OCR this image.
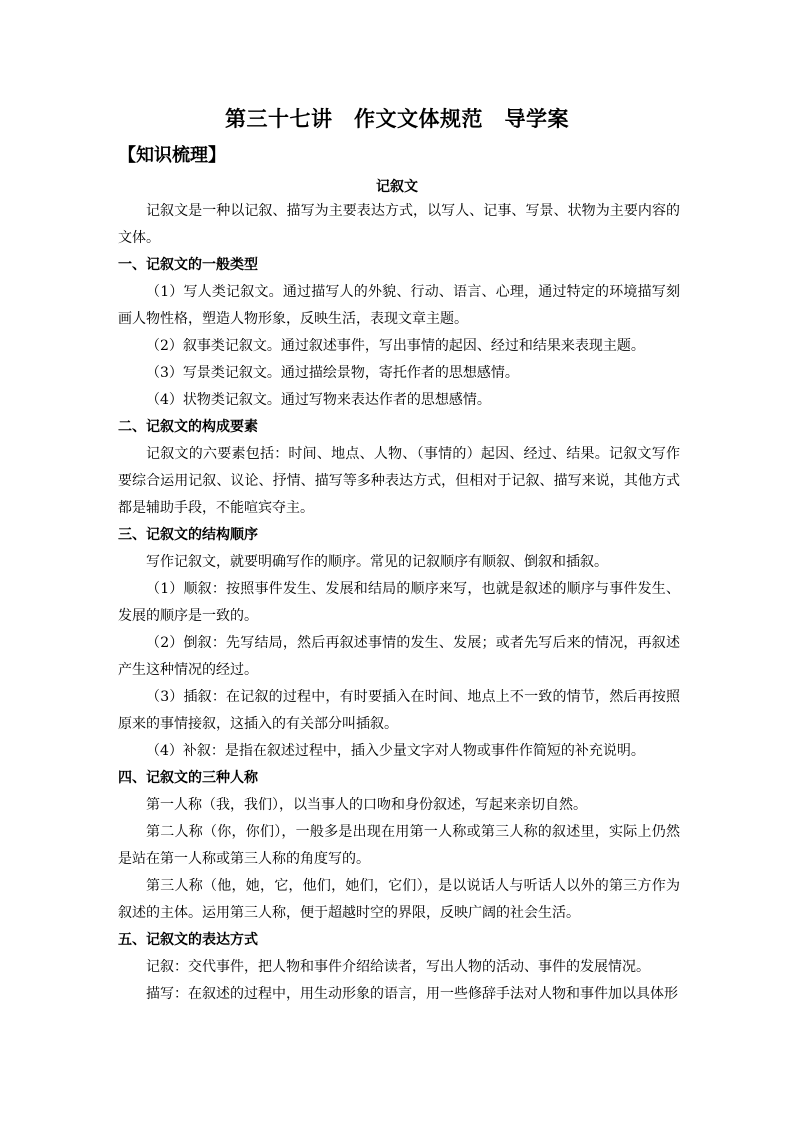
第三十七讲　作文文体规范　导学案
【知识梳理】
记叙文

记叙文是一种以记叙、描写为主要表达方式，以写人、记事、写景、状物为主要内容的文体。

一、记叙文的一般类型

（1）写人类记叙文。通过描写人的外貌、行动、语言、心理，通过特定的环境描写刻画人物性格，塑造人物形象，反映生活，表现文章主题。

（2）叙事类记叙文。通过叙述事件，写出事情的起因、经过和结果来表现主题。

（3）写景类记叙文。通过描绘景物，寄托作者的思想感情。

（4）状物类记叙文。通过写物来表达作者的思想感情。

二、记叙文的构成要素

记叙文的六要素包括：时间、地点、人物、（事情的）起因、经过、结果。记叙文写作要综合运用记叙、议论、抒情、描写等多种表达方式，但相对于记叙、描写来说，其他方式都是辅助手段，不能喧宾夺主。

三、记叙文的结构顺序

写作记叙文，就要明确写作的顺序。常见的记叙顺序有顺叙、倒叙和插叙。

（1）顺叙：按照事件发生、发展和结局的顺序来写，也就是叙述的顺序与事件发生、发展的顺序是一致的。

（2）倒叙：先写结局，然后再叙述事情的发生、发展；或者先写后来的情况，再叙述产生这种情况的经过。

（3）插叙：在记叙的过程中，有时要插入在时间、地点上不一致的情节，然后再按照原来的事情接叙，这插入的有关部分叫插叙。

（4）补叙：是指在叙述过程中，插入少量文字对人物或事件作简短的补充说明。

四、记叙文的三种人称

第一人称（我，我们），以当事人的口吻和身份叙述，写起来亲切自然。

第二人称（你，你们），一般多是出现在用第一人称或第三人称的叙述里，实际上仍然是站在第一人称或第三人称的角度写的。

第三人称（他，她，它，他们，她们，它们），是以说话人与听话人以外的第三方作为叙述的主体。运用第三人称，便于超越时空的界限，反映广阔的社会生活。

五、记叙文的表达方式

记叙：交代事件，把人物和事件介绍给读者，写出人物的活动、事件的发展情况。

描写：在叙述的过程中，用生动形象的语言，用一些修辞手法对人物和事件加以具体形
